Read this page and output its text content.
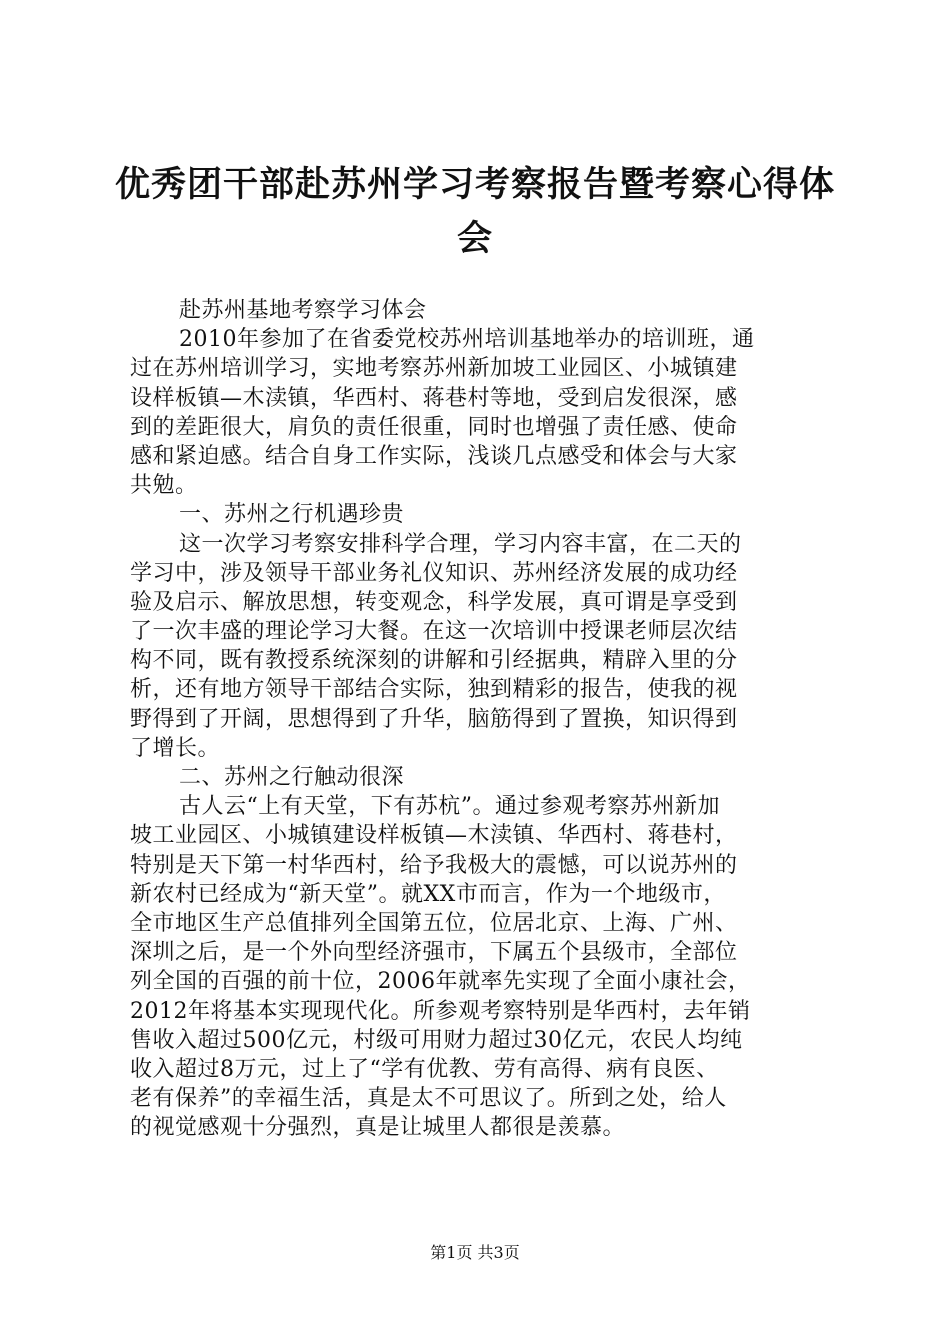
优秀团干部赴苏州学习考察报告暨考察心得体
会
赴苏州基地考察学习体会
2010年参加了在省委党校苏州培训基地举办的培训班，通
过在苏州培训学习，实地考察苏州新加坡工业园区、小城镇建
设样板镇—木渎镇，华西村、蒋巷村等地，受到启发很深，感
到的差距很大，肩负的责任很重，同时也增强了责任感、使命
感和紧迫感。结合自身工作实际，浅谈几点感受和体会与大家
共勉。
一、苏州之行机遇珍贵
这一次学习考察安排科学合理，学习内容丰富，在二天的
学习中，涉及领导干部业务礼仪知识、苏州经济发展的成功经
验及启示、解放思想，转变观念，科学发展，真可谓是享受到
了一次丰盛的理论学习大餐。在这一次培训中授课老师层次结
构不同，既有教授系统深刻的讲解和引经据典，精辟入里的分
析，还有地方领导干部结合实际，独到精彩的报告，使我的视
野得到了开阔，思想得到了升华，脑筋得到了置换，知识得到
了增长。
二、苏州之行触动很深
古人云“上有天堂，下有苏杭”。通过参观考察苏州新加
坡工业园区、小城镇建设样板镇—木渎镇、华西村、蒋巷村，
特别是天下第一村华西村，给予我极大的震憾，可以说苏州的
新农村已经成为“新天堂”。就XX市而言，作为一个地级市，
全市地区生产总值排列全国第五位，位居北京、上海、广州、
深圳之后，是一个外向型经济强市，下属五个县级市，全部位
列全国的百强的前十位，2006年就率先实现了全面小康社会，
2012年将基本实现现代化。所参观考察特别是华西村，去年销
售收入超过500亿元，村级可用财力超过30亿元，农民人均纯
收入超过8万元，过上了“学有优教、劳有高得、病有良医、
老有保养”的幸福生活，真是太不可思议了。所到之处，给人
的视觉感观十分强烈，真是让城里人都很是羡慕。
第1页 共3页
